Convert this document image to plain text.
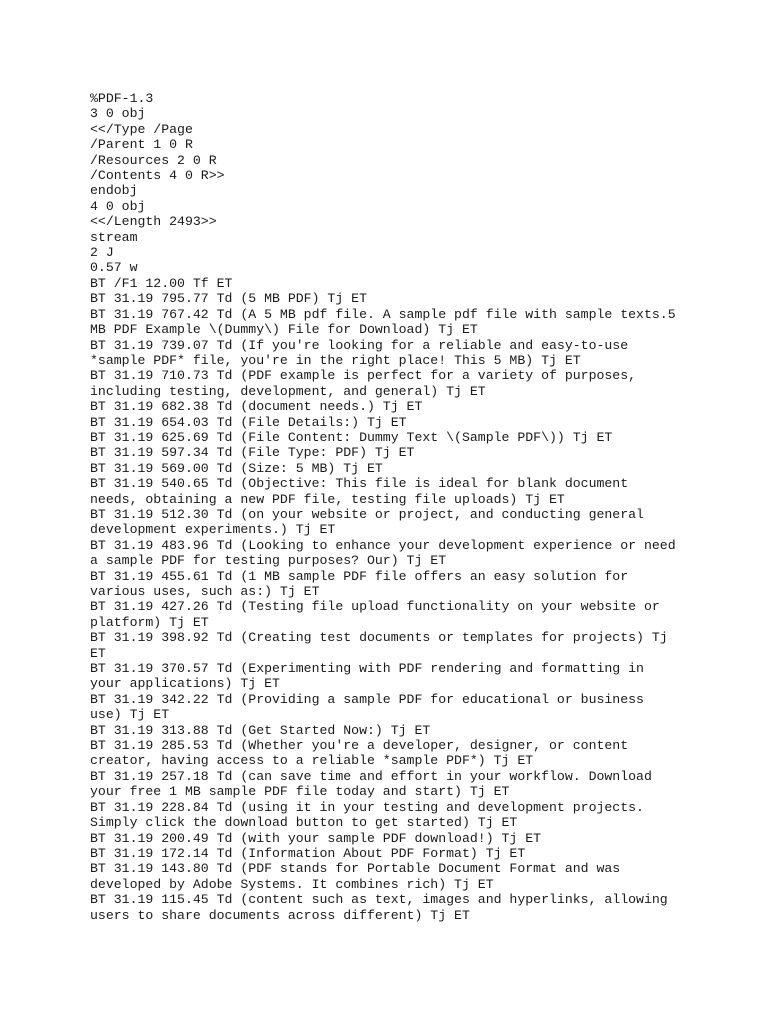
%PDF-1.3
3 0 obj
<</Type /Page
/Parent 1 0 R
/Resources 2 0 R
/Contents 4 0 R>>
endobj
4 0 obj
<</Length 2493>>
stream
2 J
0.57 w
BT /F1 12.00 Tf ET
BT 31.19 795.77 Td (5 MB PDF) Tj ET
BT 31.19 767.42 Td (A 5 MB pdf file. A sample pdf file with sample texts.5
MB PDF Example \(Dummy\) File for Download) Tj ET
BT 31.19 739.07 Td (If you're looking for a reliable and easy-to-use
*sample PDF* file, you're in the right place! This 5 MB) Tj ET
BT 31.19 710.73 Td (PDF example is perfect for a variety of purposes,
including testing, development, and general) Tj ET
BT 31.19 682.38 Td (document needs.) Tj ET
BT 31.19 654.03 Td (File Details:) Tj ET
BT 31.19 625.69 Td (File Content: Dummy Text \(Sample PDF\)) Tj ET
BT 31.19 597.34 Td (File Type: PDF) Tj ET
BT 31.19 569.00 Td (Size: 5 MB) Tj ET
BT 31.19 540.65 Td (Objective: This file is ideal for blank document
needs, obtaining a new PDF file, testing file uploads) Tj ET
BT 31.19 512.30 Td (on your website or project, and conducting general
development experiments.) Tj ET
BT 31.19 483.96 Td (Looking to enhance your development experience or need
a sample PDF for testing purposes? Our) Tj ET
BT 31.19 455.61 Td (1 MB sample PDF file offers an easy solution for
various uses, such as:) Tj ET
BT 31.19 427.26 Td (Testing file upload functionality on your website or
platform) Tj ET
BT 31.19 398.92 Td (Creating test documents or templates for projects) Tj
ET
BT 31.19 370.57 Td (Experimenting with PDF rendering and formatting in
your applications) Tj ET
BT 31.19 342.22 Td (Providing a sample PDF for educational or business
use) Tj ET
BT 31.19 313.88 Td (Get Started Now:) Tj ET
BT 31.19 285.53 Td (Whether you're a developer, designer, or content
creator, having access to a reliable *sample PDF*) Tj ET
BT 31.19 257.18 Td (can save time and effort in your workflow. Download
your free 1 MB sample PDF file today and start) Tj ET
BT 31.19 228.84 Td (using it in your testing and development projects.
Simply click the download button to get started) Tj ET
BT 31.19 200.49 Td (with your sample PDF download!) Tj ET
BT 31.19 172.14 Td (Information About PDF Format) Tj ET
BT 31.19 143.80 Td (PDF stands for Portable Document Format and was
developed by Adobe Systems. It combines rich) Tj ET
BT 31.19 115.45 Td (content such as text, images and hyperlinks, allowing
users to share documents across different) Tj ET
